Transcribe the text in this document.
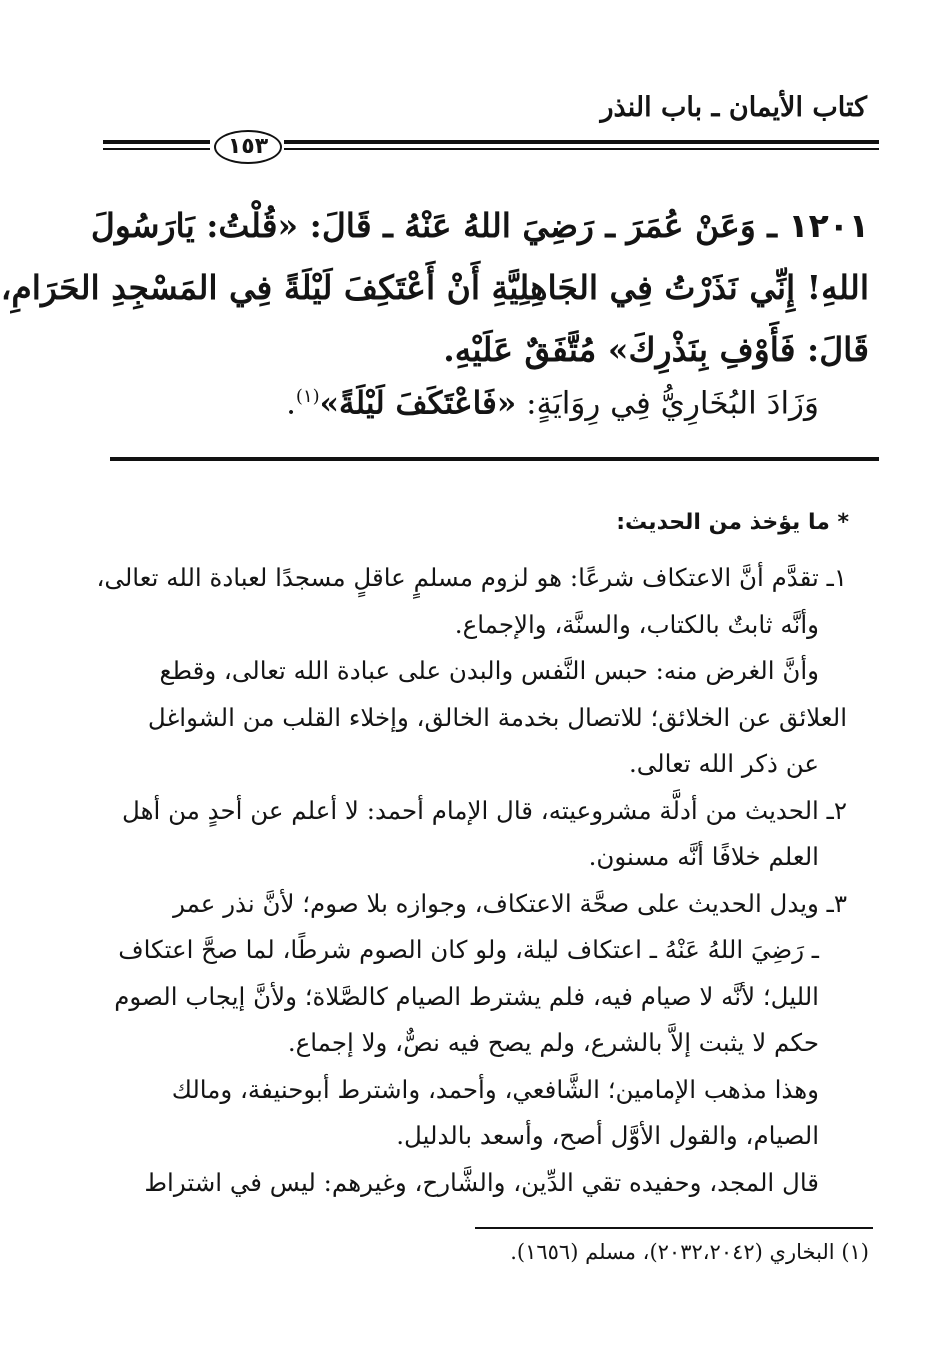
كتاب الأيمان ـ باب النذر
١٥٣
١٢٠١ ـ وَعَنْ عُمَرَ ـ رَضِيَ اللهُ عَنْهُ ـ قَالَ: «قُلْتُ: يَارَسُولَ
اللهِ! إِنِّي نَذَرْتُ فِي الجَاهِلِيَّةِ أَنْ أَعْتَكِفَ لَيْلَةً فِي المَسْجِدِ الحَرَامِ،
قَالَ: فَأَوْفِ بِنَذْرِكَ» مُتَّفَقٌ عَلَيْهِ.
وَزَادَ البُخَارِيُّ فِي رِوَايَةٍ: «فَاعْتَكَفَ لَيْلَةً»$^{(١)}$.
* ما يؤخذ من الحديث:
١ـ تقدَّم أنَّ الاعتكاف شرعًا: هو لزوم مسلمٍ عاقلٍ مسجدًا لعبادة الله تعالى،
وأنَّه ثابتٌ بالكتاب، والسنَّة، والإجماع.
وأنَّ الغرض منه: حبس النَّفس والبدن على عبادة الله تعالى، وقطع
العلائق عن الخلائق؛ للاتصال بخدمة الخالق، وإخلاء القلب من الشواغل
عن ذكر الله تعالى.
٢ـ الحديث من أدلَّة مشروعيته، قال الإمام أحمد: لا أعلم عن أحدٍ من أهل
العلم خلافًا أنَّه مسنون.
٣ـ ويدل الحديث على صحَّة الاعتكاف، وجوازه بلا صوم؛ لأنَّ نذر عمر
ـ رَضِيَ اللهُ عَنْهُ ـ اعتكاف ليلة، ولو كان الصوم شرطًا، لما صحَّ اعتكاف
الليل؛ لأنَّه لا صيام فيه، فلم يشترط الصيام كالصَّلاة؛ ولأنَّ إيجاب الصوم
حكم لا يثبت إلاَّ بالشرع، ولم يصح فيه نصٌّ، ولا إجماع.
وهذا مذهب الإمامين؛ الشَّافعي، وأحمد، واشترط أبوحنيفة، ومالك
الصيام، والقول الأوَّل أصح، وأسعد بالدليل.
قال المجد، وحفيده تقي الدِّين، والشَّارح، وغيرهم: ليس في اشتراط
(١) البخاري (٢٠٣٢،٢٠٤٢)، مسلم (١٦٥٦).
